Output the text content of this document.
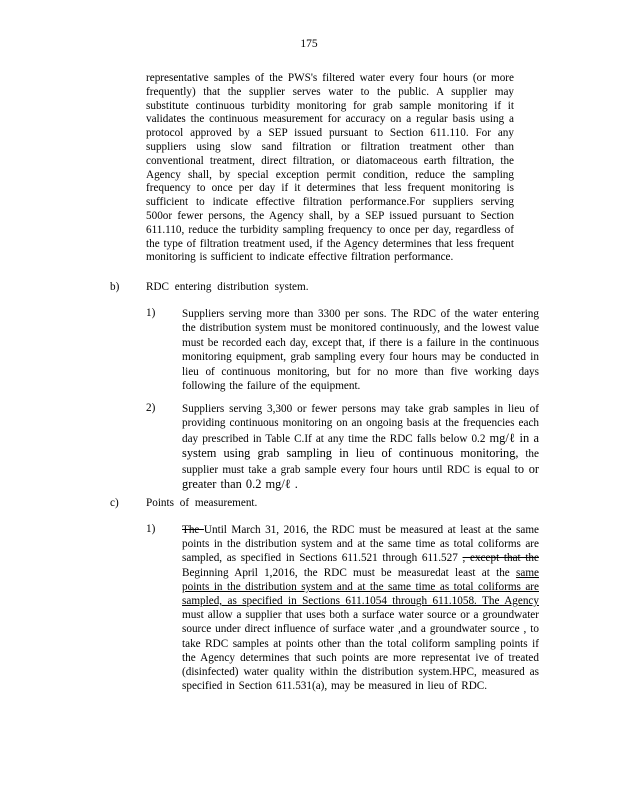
175
representative samples of the PWS's filtered water every four hours (or more frequently) that the supplier serves water to the public. A supplier may substitute continuous turbidity monitoring for grab sample monitoring if it validates the continuous measurement for accuracy on a regular basis using a protocol approved by a SEP issued pursuant to Section 611.110. For any suppliers using slow sand filtration or filtration treatment other than conventional treatment, direct filtration, or diatomaceous earth filtration, the Agency shall, by special exception permit condition, reduce the sampling frequency to once per day if it determines that less frequent monitoring is sufficient to indicate effective filtration performance.For suppliers serving 500or fewer persons, the Agency shall, by a SEP issued pursuant to Section 611.110, reduce the turbidity sampling frequency to once per day, regardless of the type of filtration treatment used, if the Agency determines that less frequent monitoring is sufficient to indicate effective filtration performance.
b) RDC entering distribution system.
1) Suppliers serving more than 3300 per sons. The RDC of the water entering the distribution system must be monitored continuously, and the lowest value must be recorded each day, except that, if there is a failure in the continuous monitoring equipment, grab sampling every four hours may be conducted in lieu of continuous monitoring, but for no more than five working days following the failure of the equipment.
2) Suppliers serving 3,300 or fewer persons may take grab samples in lieu of providing continuous monitoring on an ongoing basis at the frequencies each day prescribed in Table C.If at any time the RDC falls below 0.2 mg/ℓ in a system using grab sampling in lieu of continuous monitoring, the supplier must take a grab sample every four hours until RDC is equal to or greater than 0.2 mg/ℓ .
c) Points of measurement.
1) The Until March 31, 2016, the RDC must be measured at least at the same points in the distribution system and at the same time as total coliforms are sampled, as specified in Sections 611.521 through 611.527 , except that the Beginning April 1,2016, the RDC must be measuredat least at the same points in the distribution system and at the same time as total coliforms are sampled, as specified in Sections 611.1054 through 611.1058. The Agency must allow a supplier that uses both a surface water source or a groundwater source under direct influence of surface water ,and a groundwater source , to take RDC samples at points other than the total coliform sampling points if the Agency determines that such points are more representat ive of treated (disinfected) water quality within the distribution system.HPC, measured as specified in Section 611.531(a), may be measured in lieu of RDC.
